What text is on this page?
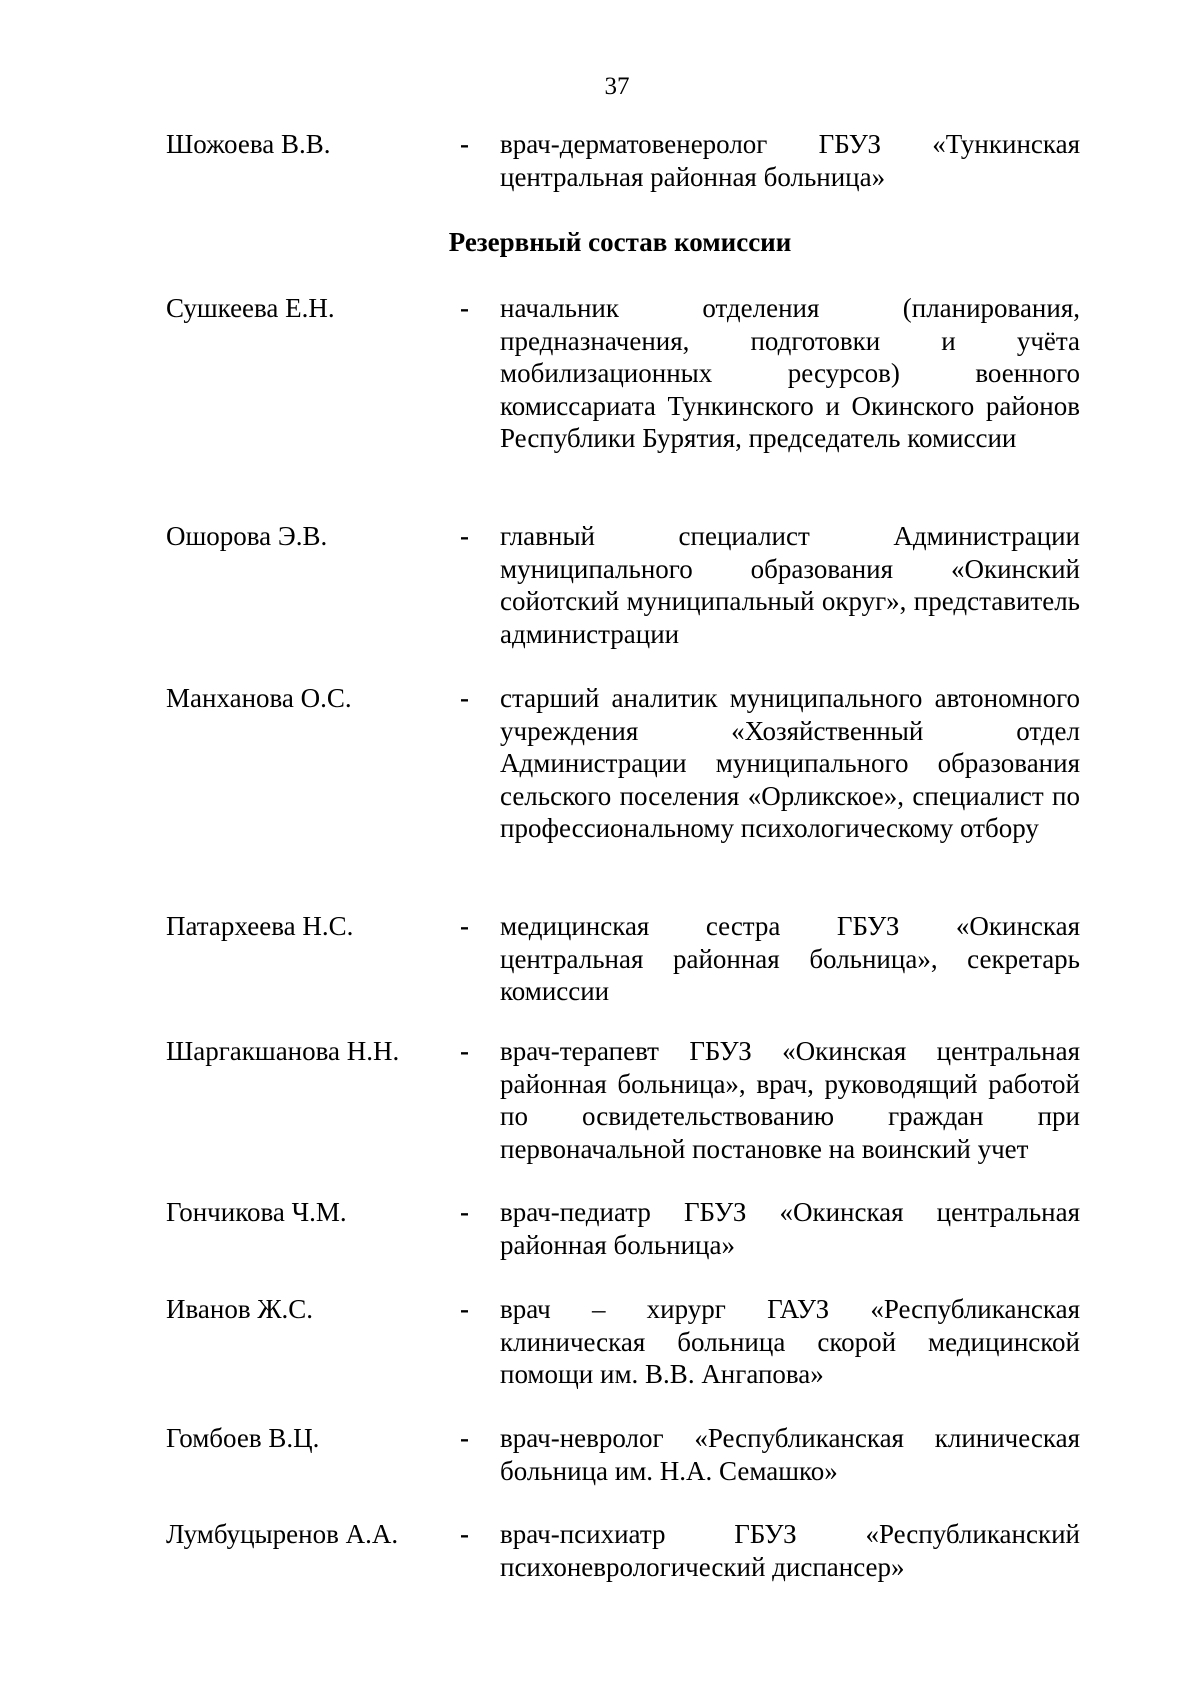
37
Шожоева В.В.	- врач-дерматовенеролог ГБУЗ «Тункинская центральная районная больница»
Резервный состав комиссии
Сушкеева Е.Н.	- начальник отделения (планирования, предназначения, подготовки и учёта мобилизационных ресурсов) военного комиссариата Тункинского и Окинского районов Республики Бурятия, председатель комиссии
Ошорова Э.В.	- главный специалист Администрации муниципального образования «Окинский сойотский муниципальный округ», представитель администрации
Манханова О.С.	- старший аналитик муниципального автономного учреждения «Хозяйственный отдел Администрации муниципального образования сельского поселения «Орликское», специалист по профессиональному психологическому отбору
Патархеева Н.С.	- медицинская сестра ГБУЗ «Окинская центральная районная больница», секретарь комиссии
Шаргакшанова Н.Н. - врач-терапевт ГБУЗ «Окинская центральная районная больница», врач, руководящий работой по освидетельствованию граждан при первоначальной постановке на воинский учет
Гончикова Ч.М.	- врач-педиатр ГБУЗ «Окинская центральная районная больница»
Иванов Ж.С.	- врач – хирург ГАУЗ «Республиканская клиническая больница скорой медицинской помощи им. В.В. Ангапова»
Гомбоев В.Ц.	- врач-невролог «Республиканская клиническая больница им. Н.А. Семашко»
Лумбуцыренов А.А. - врач-психиатр ГБУЗ «Республиканский психоневрологический диспансер»
